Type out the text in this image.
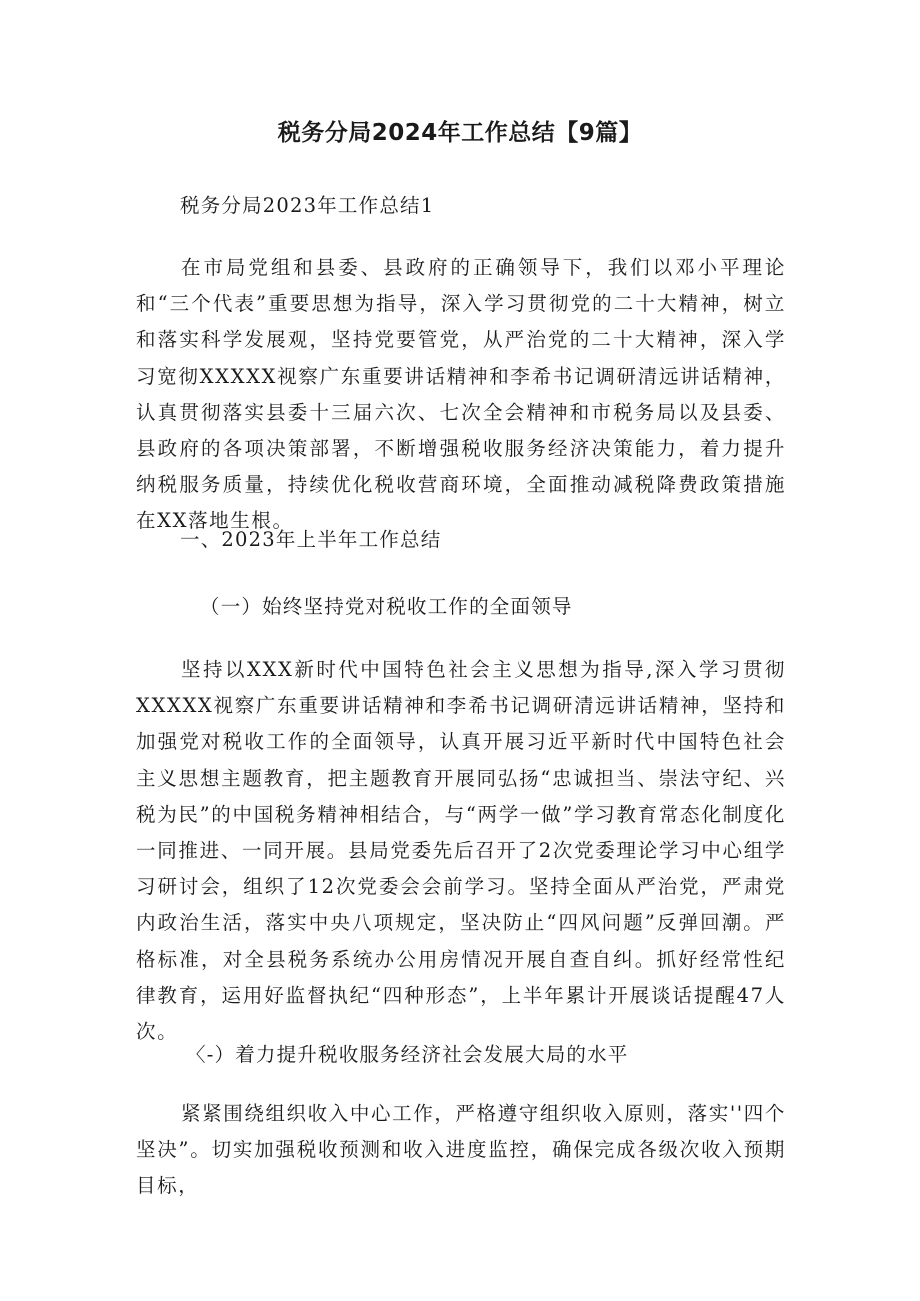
税务分局2024年工作总结【9篇】

税务分局2023年工作总结1

在市局党组和县委、县政府的正确领导下，我们以邓小平理论和“三个代表”重要思想为指导，深入学习贯彻党的二十大精神，树立和落实科学发展观，坚持党要管党，从严治党的二十大精神，深入学习宽彻XXXXX视察广东重要讲话精神和李希书记调研清远讲话精神，认真贯彻落实县委十三届六次、七次全会精神和市税务局以及县委、县政府的各项决策部署，不断增强税收服务经济决策能力，着力提升纳税服务质量，持续优化税收营商环境，全面推动减税降费政策措施在XX落地生根。

一、2023年上半年工作总结

（一）始终坚持党对税收工作的全面领导

坚持以XXX新时代中国特色社会主义思想为指导,深入学习贯彻XXXXX视察广东重要讲话精神和李希书记调研清远讲话精神，坚持和加强党对税收工作的全面领导，认真开展习近平新时代中国特色社会主义思想主题教育，把主题教育开展同弘扬“忠诚担当、崇法守纪、兴税为民”的中国税务精神相结合，与“两学一做”学习教育常态化制度化一同推进、一同开展。县局党委先后召开了2次党委理论学习中心组学习研讨会，组织了12次党委会会前学习。坚持全面从严治党，严肃党内政治生活，落实中央八项规定，坚决防止“四风问题”反弹回潮。严格标准，对全县税务系统办公用房情况开展自查自纠。抓好经常性纪律教育，运用好监督执纪“四种形态”，上半年累计开展谈话提醒47人次。

〈-）着力提升税收服务经济社会发展大局的水平

紧紧围绕组织收入中心工作，严格遵守组织收入原则，落实''四个坚决”。切实加强税收预测和收入进度监控，确保完成各级次收入预期目标，
